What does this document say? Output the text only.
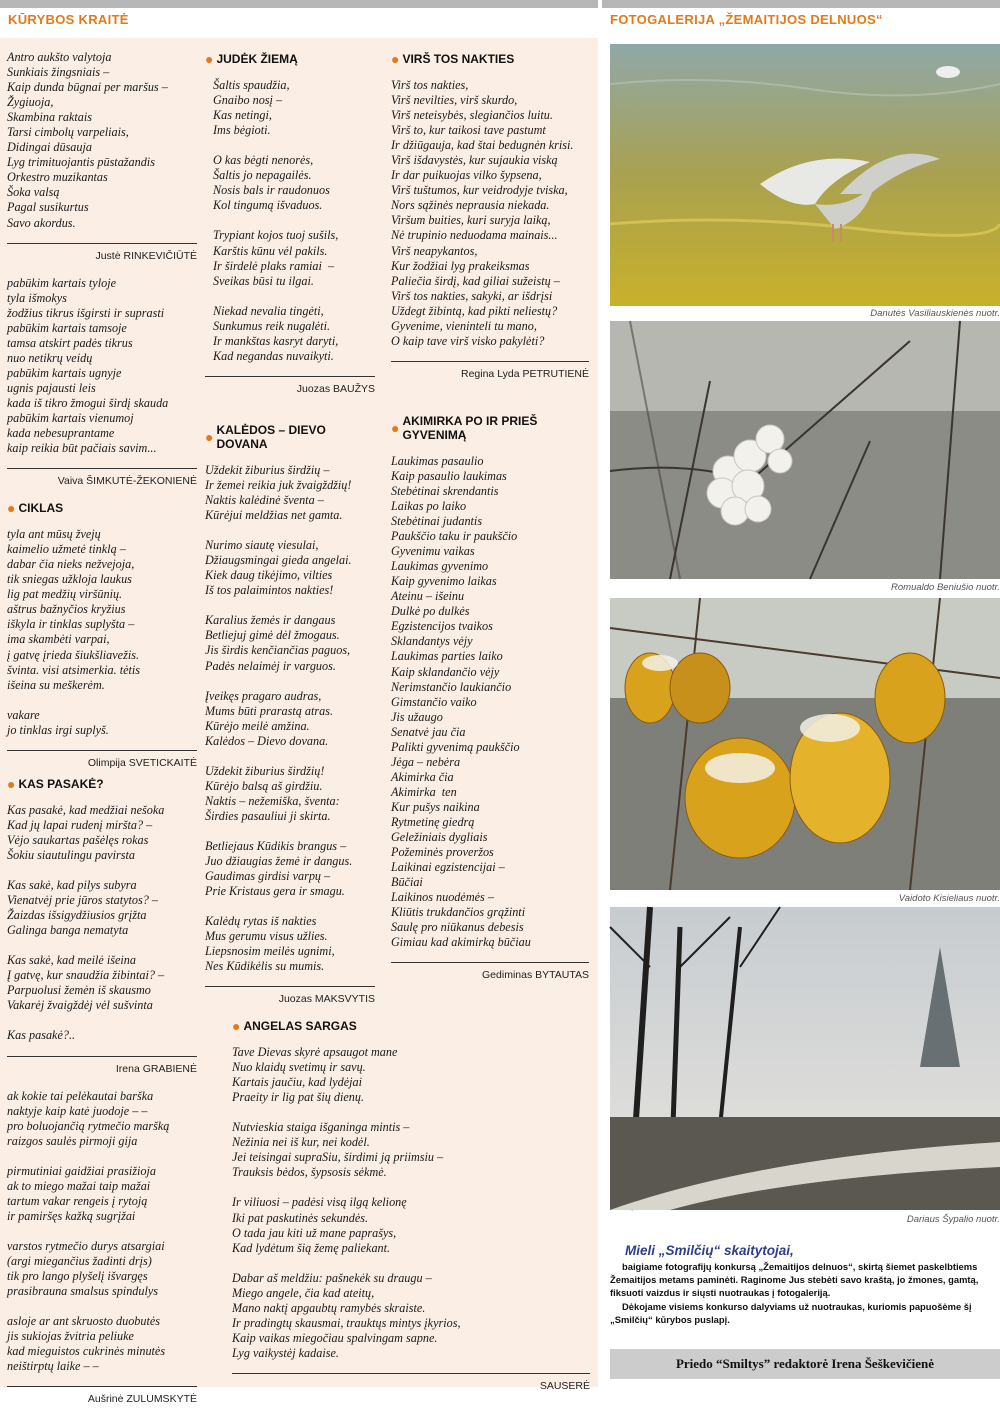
KŪRYBOS KRAITĖ	FOTOGALERIJA „ŽEMAITIJOS DELNUOS“
Antro aukšto valytoja
Sunkiais žingsniais –
Kaip dunda būgnai per maršus –
Žygiuoja,
Skambina raktais
Tarsi cimbolų varpeliais,
Didingai dūsauja
Lyg trimituojantis pūstažandis
Orkestro muzikantas
Šoka valsą
Pagal susikurtus
Savo akordus.
Justė RINKEVIČIŪTĖ
pabūkim kartais tyloje
tyla išmokys
žodžius tikrus išgirsti ir suprasti
pabūkim kartais tamsoje
tamsa atskirt padės tikrus
nuo netikrų veidų
pabūkim kartais ugnyje
ugnis pajausti leis
kada iš tikro žmogui širdį skauda
pabūkim kartais vienumoj
kada nebesuprantame
kaip reikia būt pačiais savim...
Vaiva ŠIMKUTĖ-ŽEKONIENĖ
● CIKLAS
tyla ant mūsų žvejų
kaimelio užmetė tinklą –
dabar čia nieks nežvejoja,
tik sniegas užkloja laukus
lig pat medžių viršūnių.
aštrus bažnyčios kryžius
iškyla ir tinklas suplyšta –
ima skambėti varpai,
į gatvę įrieda šiukšliavežis.
švinta. visi atsimerkia. tėtis
išeina su meškerėm.

vakare
jo tinklas irgi suplyš.
Olimpija SVETICKAITĖ
● KAS PASAKĖ?
Kas pasakė, kad medžiai nešoka
Kad jų lapai rudenį miršta? –
Vėjo saukartas pašėlęs rokas
Šokiu siautulingu pavirsta

Kas sakė, kad pilys subyra
Vienatvėj prie jūros statytos? –
Žaizdas išsigydžiusios grįžta
Galinga banga nematyta

Kas sakė, kad meilė išeina
Į gatvę, kur snaudžia žibintai? –
Parpuolusi žemėn iš skausmo
Vakarėj žvaigždėj vėl sušvinta

Kas pasakė?..
Irena GRABIENĖ
ak kokie tai pelėkautai barška
naktyje kaip katė juodoje – –
pro boluojančią rytmečio maršką
raizgos saulės pirmoji gija

pirmutiniai gaidžiai prasižioja
ak to miego mažai taip mažai
tartum vakar rengeis į rytoją
ir pamiršęs kažką sugrįžai

varstos rytmečio durys atsargiai
(argi miegančius žadinti drįs)
tik pro lango plyšelį išvargęs
prasibrauna smalsus spindulys

asloje ar ant skruosto duobutės
jis sukiojas žvitria peliuke
kad mieguistos cukrinės minutės
neištirptų laike – –
Aušrinė ZULUMSKYTĖ
● JUDĖK ŽIEMĄ
Šaltis spaudžia,
Gnaibo nosį –
Kas netingi,
Ims bėgioti.

O kas bėgti nenorės,
Šaltis jo nepagailės.
Nosis bals ir raudonuos
Kol tingumą išvaduos.

Trypiant kojos tuoj sušils,
Karštis kūnu vėl pakils.
Ir širdelė plaks ramiai  –
Sveikas būsi tu ilgai.

Niekad nevalia tingėti,
Sunkumus reik nugalėti.
Ir mankštas kasryt daryti,
Kad negandas nuvaikyti.
Juozas BAUŽYS
● KALĖDOS – DIEVO DOVANA
Uždekit žiburius širdžių –
Ir žemei reikia juk žvaigždžių!
Naktis kalėdinė šventa –
Kūrėjui meldžias net gamta.

Nurimo siautę viesulai,
Džiaugsmingai gieda angelai.
Kiek daug tikėjimo, vilties
Iš tos palaimintos nakties!

Karalius žemės ir dangaus
Betliejuj gimė dėl žmogaus.
Jis širdis kenčiančias paguos,
Padės nelaimėj ir varguos.

Įveikęs pragaro audras,
Mums būti prarastą atras.
Kūrėjo meilė amžina.
Kalėdos – Dievo dovana.

Uždekit žiburius širdžių!
Kūrėjo balsą aš girdžiu.
Naktis – nežemiška, šventa:
Širdies pasauliui ji skirta.

Betliejaus Kūdikis brangus –
Juo džiaugias žemė ir dangus.
Gaudimas girdisi varpų –
Prie Kristaus gera ir smagu.

Kalėdų rytas iš nakties
Mus gerumu visus užlies.
Liepsnosim meilės ugnimi,
Nes Kūdikėlis su mumis.
Juozas MAKSVYTIS
● VIRŠ TOS NAKTIES
Virš tos nakties,
Virš nevilties, virš skurdo,
Virš neteisybės, slegiančios luitu.
Virš to, kur taikosi tave pastumt
Ir džiūgauja, kad štai bedugnėn krisi.
Virš išdavystės, kur sujaukia viską
Ir dar puikuojas vilko šypsena,
Virš tuštumos, kur veidrodyje tviska,
Nors sąžinės neprausia niekada.
Viršum buities, kuri suryja laiką,
Nė trupinio neduodama mainais...
Virš neapykantos,
Kur žodžiai lyg prakeiksmas
Paliečia širdį, kad giliai sužeistų –
Virš tos nakties, sakyki, ar išdrįsi
Uždegt žibintą, kad pikti neliestų?
Gyvenime, vieninteli tu mano,
O kaip tave virš visko pakylėti?
Regina Lyda PETRUTIENĖ
● AKIMIRKA PO IR PRIEŠ GYVENIMĄ
Laukimas pasaulio
Kaip pasaulio laukimas
Stebėtinai skrendantis
Laikas po laiko
Stebėtinai judantis
Paukščio taku ir paukščio
Gyvenimu vaikas
Laukimas gyvenimo
Kaip gyvenimo laikas
Ateinu – išeinu
Dulkė po dulkės
Egzistencijos tvaikos
Sklandantys vėjy
Laukimas parties laiko
Kaip sklandančio vėjy
Nerimstančio laukiančio
Gimstančio vaiko
Jis užaugo
Senatvė jau čia
Palikti gyvenimą paukščio
Jėga – nebėra
Akimirka čia
Akimirka  ten
Kur pušys naikina
Rytmetinę giedrą
Geležiniais dygliais
Požeminės proveržos
Laikinai egzistencijai –
Būčiai
Laikinos nuodėmės –
Kliūtis trukdančios grąžinti
Saulę pro niūkanus debesis
Gimiau kad akimirką būčiau
Gediminas BYTAUTAS
● ANGELAS SARGAS
Tave Dievas skyrė apsaugot mane
Nuo klaidų svetimų ir savų.
Kartais jaučiu, kad lydėjai
Praeity ir lig pat šių dienų.

Nutvieskia staiga išganinga mintis –
Nežinia nei iš kur, nei kodėl.
Jei teisingai supraSiu, širdimi ją priimsiu –
Trauksis bėdos, šypsosis sėkmė.

Ir viliuosi – padėsi visą ilgą kelionę
Iki pat paskutinės sekundės.
O tada jau kiti už mane paprašys,
Kad lydėtum šią žemę paliekant.

Dabar aš meldžiu: pašnekėk su draugu –
Miego angele, čia kad ateitų,
Mano naktį apgaubtų ramybės skraiste.
Ir pradingtų skausmai, trauktųs mintys įkyrios,
Kaip vaikas miegočiau spalvingam sapne.
Lyg vaikystėj kadaise.
SAUSERĖ
Danutės Vasiliauskienės nuotr.
Romualdo Beniušio nuotr.
Vaidoto Kisieliaus nuotr.
Dariaus Šypalio nuotr.
Mieli „Smilčių“ skaitytojai,
baigiame fotografijų konkursą „Žemaitijos delnuos“, skirtą šiemet paskelbtiems Žemaitijos metams paminėti. Raginome Jus stebėti savo kraštą, jo žmones, gamtą, fiksuoti vaizdus ir siųsti nuotraukas į fotogaleriją.
Dėkojame visiems konkurso dalyviams už nuotraukas, kuriomis papuošėme šį „Smilčių“ kūrybos puslapį.
Priedo “Smiltys” redaktorė Irena Šeškevičienė
